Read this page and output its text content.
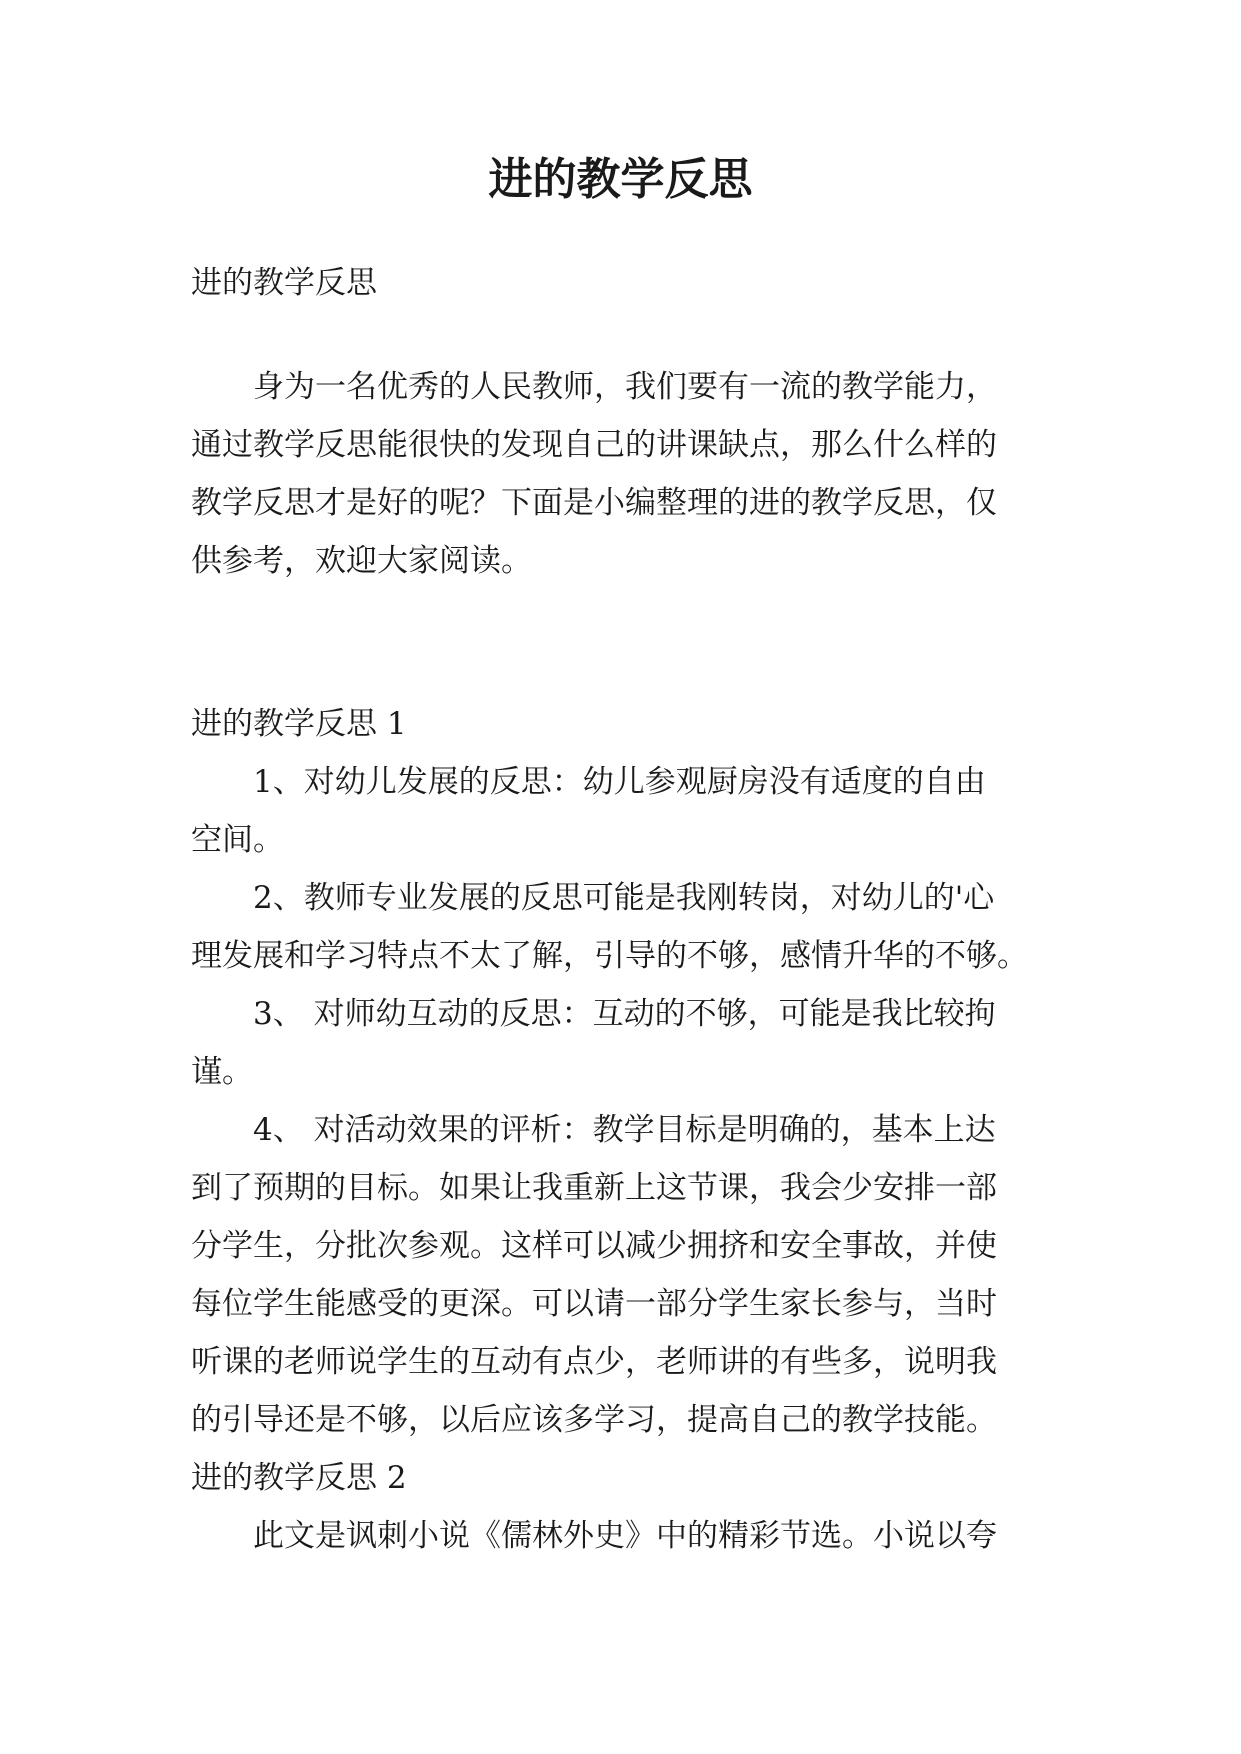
进的教学反思

进的教学反思

　　身为一名优秀的人民教师，我们要有一流的教学能力，
通过教学反思能很快的发现自己的讲课缺点，那么什么样的
教学反思才是好的呢？下面是小编整理的进的教学反思，仅
供参考，欢迎大家阅读。

进的教学反思 1

　　1、对幼儿发展的反思：幼儿参观厨房没有适度的自由
空间。
　　2、教师专业发展的反思可能是我刚转岗，对幼儿的'心
理发展和学习特点不太了解，引导的不够，感情升华的不够。
　　3、 对师幼互动的反思：互动的不够，可能是我比较拘
谨。
　　4、 对活动效果的评析：教学目标是明确的，基本上达
到了预期的目标。如果让我重新上这节课，我会少安排一部
分学生，分批次参观。这样可以减少拥挤和安全事故，并使
每位学生能感受的更深。可以请一部分学生家长参与，当时
听课的老师说学生的互动有点少，老师讲的有些多，说明我
的引导还是不够，以后应该多学习，提高自己的教学技能。

进的教学反思 2

　　此文是讽刺小说《儒林外史》中的精彩节选。小说以夸
